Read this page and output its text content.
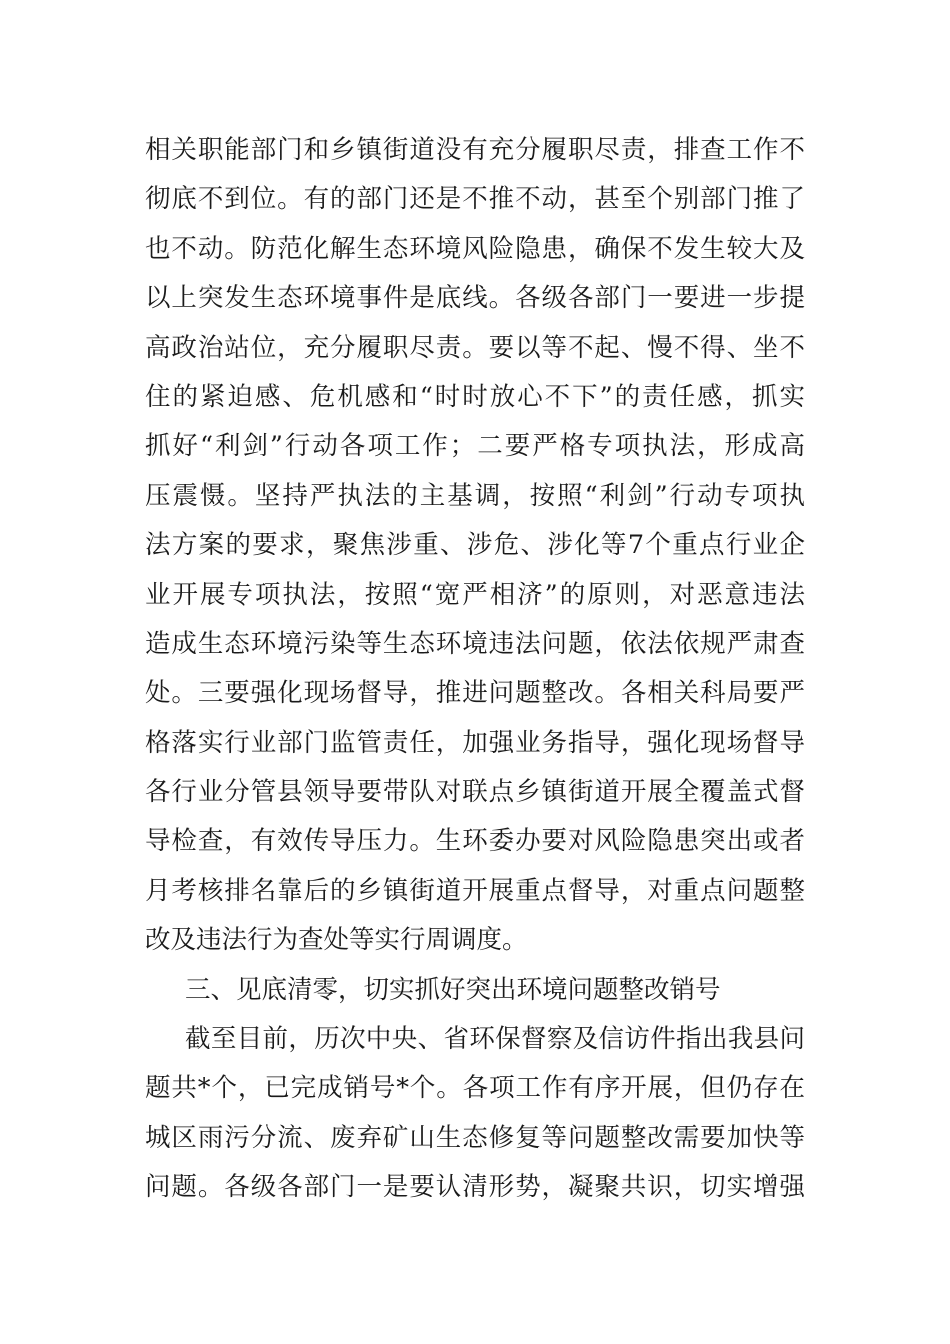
相关职能部门和乡镇街道没有充分履职尽责，排查工作不
彻底不到位。有的部门还是不推不动，甚至个别部门推了
也不动。防范化解生态环境风险隐患，确保不发生较大及
以上突发生态环境事件是底线。各级各部门一要进一步提
高政治站位，充分履职尽责。要以等不起、慢不得、坐不
住的紧迫感、危机感和“时时放心不下”的责任感，抓实
抓好“利剑”行动各项工作；二要严格专项执法，形成高
压震慑。坚持严执法的主基调，按照“利剑”行动专项执
法方案的要求，聚焦涉重、涉危、涉化等7个重点行业企
业开展专项执法，按照“宽严相济”的原则，对恶意违法
造成生态环境污染等生态环境违法问题，依法依规严肃查
处。三要强化现场督导，推进问题整改。各相关科局要严
格落实行业部门监管责任，加强业务指导，强化现场督导
各行业分管县领导要带队对联点乡镇街道开展全覆盖式督
导检查，有效传导压力。生环委办要对风险隐患突出或者
月考核排名靠后的乡镇街道开展重点督导，对重点问题整
改及违法行为查处等实行周调度。
三、见底清零，切实抓好突出环境问题整改销号
截至目前，历次中央、省环保督察及信访件指出我县问
题共*个，已完成销号*个。各项工作有序开展，但仍存在
城区雨污分流、废弃矿山生态修复等问题整改需要加快等
问题。各级各部门一是要认清形势，凝聚共识，切实增强
